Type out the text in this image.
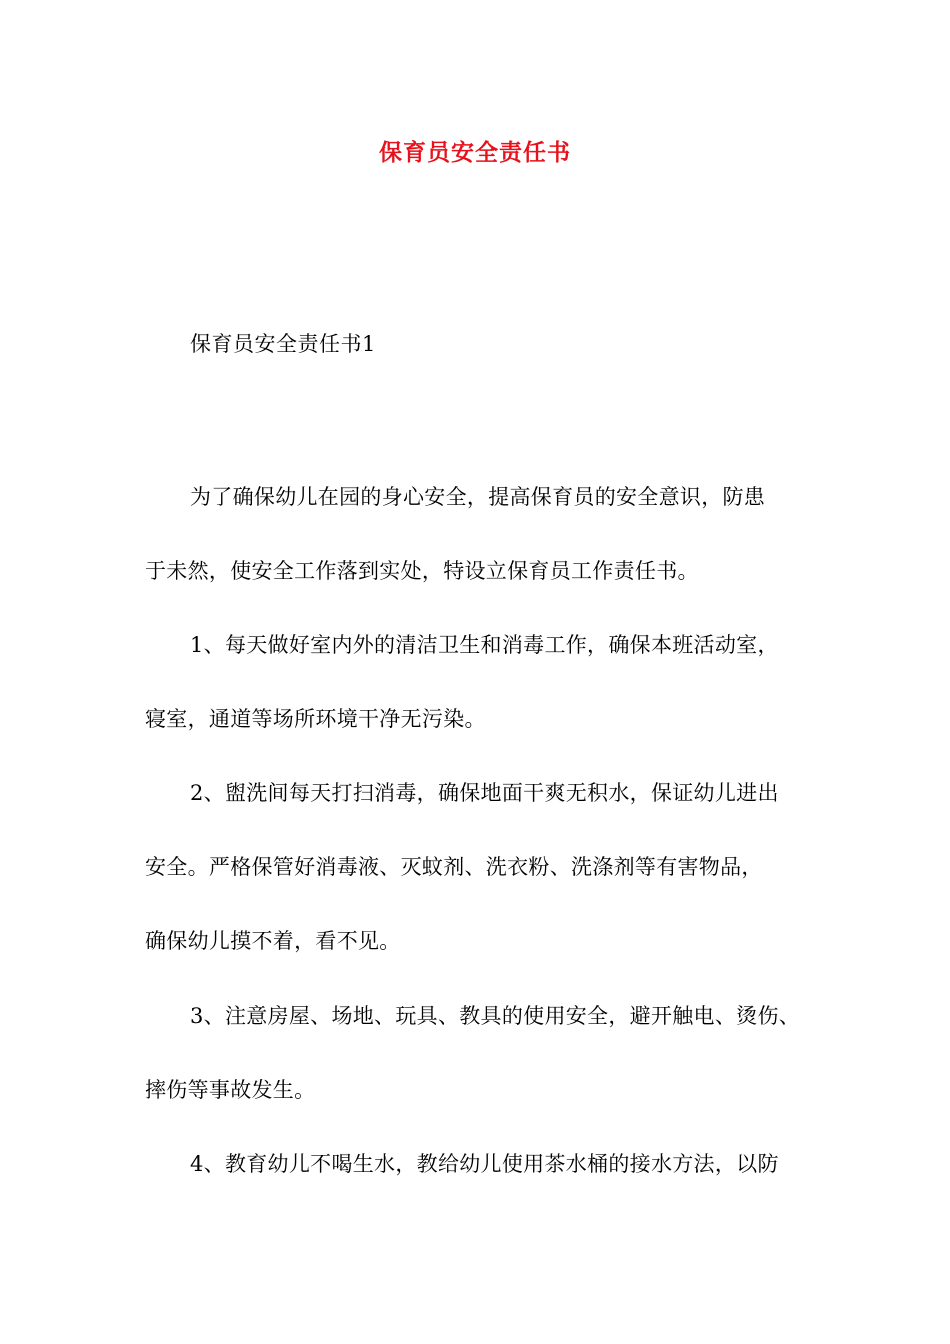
保育员安全责任书
保育员安全责任书1
为了确保幼儿在园的身心安全，提高保育员的安全意识，防患
于未然，使安全工作落到实处，特设立保育员工作责任书。
1、每天做好室内外的清洁卫生和消毒工作，确保本班活动室，
寝室，通道等场所环境干净无污染。
2、盥洗间每天打扫消毒，确保地面干爽无积水，保证幼儿进出
安全。严格保管好消毒液、灭蚊剂、洗衣粉、洗涤剂等有害物品，
确保幼儿摸不着，看不见。
3、注意房屋、场地、玩具、教具的使用安全，避开触电、烫伤、
摔伤等事故发生。
4、教育幼儿不喝生水，教给幼儿使用茶水桶的接水方法，以防
